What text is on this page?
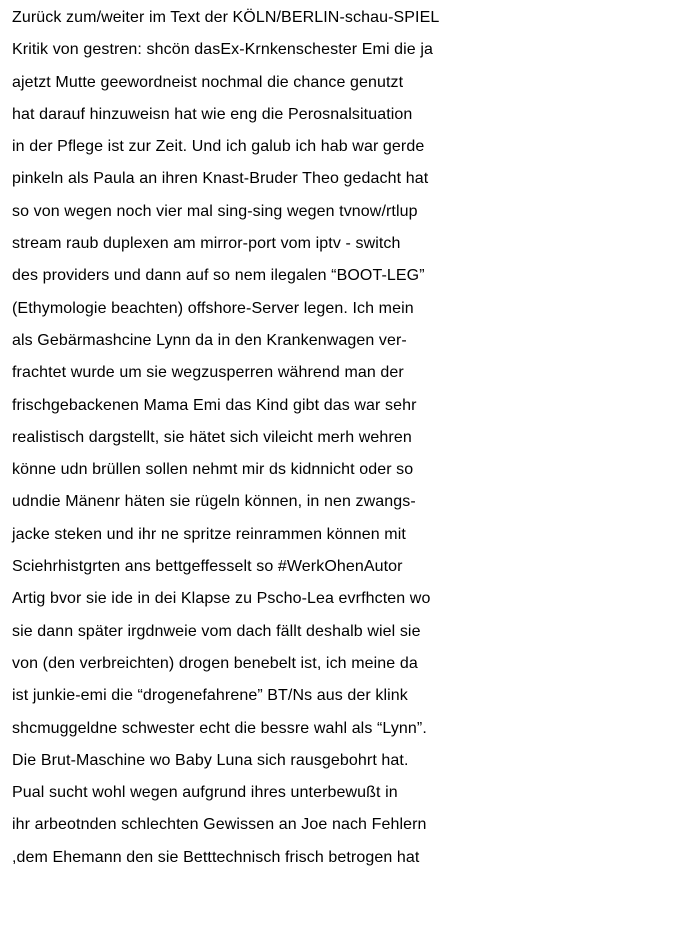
Zurück zum/weiter im Text der KÖLN/BERLIN-schau-SPIEL
Kritik von gestren: shcön dasEx-Krnkenschester Emi die ja
ajetzt Mutte geewordneist nochmal die chance genutzt
hat darauf hinzuweisn hat wie eng die Perosnalsituation
in der Pflege ist zur Zeit. Und ich galub ich hab war gerde
pinkeln als Paula an ihren Knast-Bruder Theo gedacht hat
so von wegen noch vier mal sing-sing wegen tvnow/rtlup
stream raub duplexen am mirror-port vom iptv - switch
des providers und dann auf so nem ilegalen “BOOT-LEG”
(Ethymologie beachten) offshore-Server legen. Ich mein
als Gebärmashcine Lynn da in den Krankenwagen ver-
frachtet wurde um sie wegzusperren während man der
frischgebackenen Mama Emi das Kind gibt das war sehr
realistisch dargstellt, sie hätet sich vileicht merh wehren
könne udn brüllen sollen nehmt mir ds kidnnicht oder so
udndie Mänenr häten sie rügeln können, in nen zwangs-
jacke steken und ihr ne spritze reinrammen können mit
Sciehrhistgrten ans bettgeffesselt so #WerkOhenAutor
Artig bvor sie ide in dei Klapse zu Pscho-Lea evrfhcten wo
sie dann später irgdnweie vom dach fällt deshalb wiel sie
von (den verbreichten) drogen benebelt ist, ich meine da
ist junkie-emi die “drogenefahrene” BT/Ns aus der klink
shcmuggeldne schwester echt die bessre wahl als “Lynn”.
Die Brut-Maschine wo Baby Luna sich rausgebohrt hat.
Pual sucht wohl wegen aufgrund ihres unterbewußt in
ihr arbeotnden schlechten Gewissen an Joe nach Fehlern
,dem Ehemann den sie Betttechnisch frisch betrogen hat
